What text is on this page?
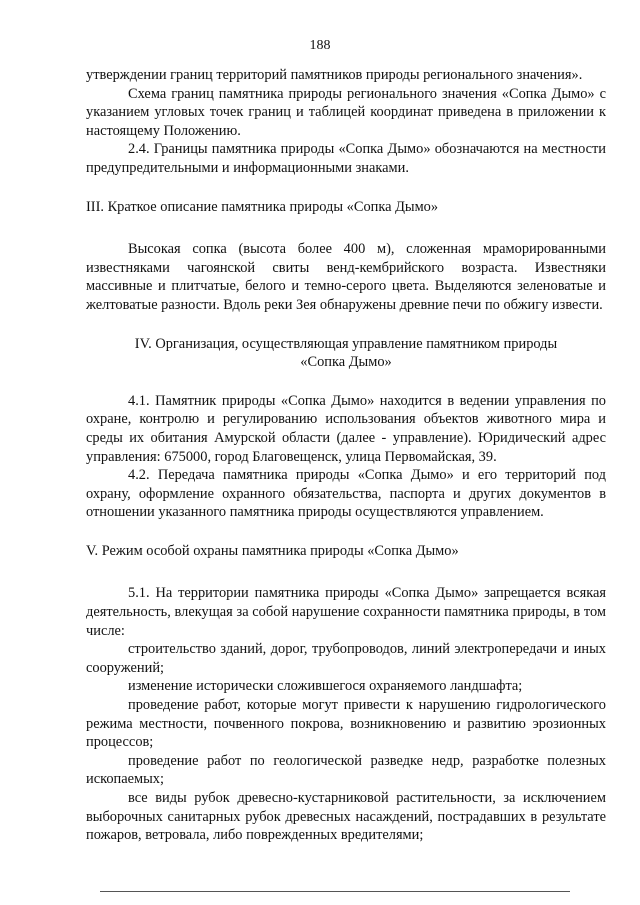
188

утверждении границ территорий памятников природы регионального значения».

Схема границ памятника природы регионального значения «Сопка Дымо» с указанием угловых точек границ и таблицей координат приведена в приложении к настоящему Положению.

2.4. Границы памятника природы «Сопка Дымо» обозначаются на местности предупредительными и информационными знаками.

III. Краткое описание памятника природы «Сопка Дымо»

Высокая сопка (высота более 400 м), сложенная мраморированными известняками чагоянской свиты венд-кембрийского возраста. Известняки массивные и плитчатые, белого и темно-серого цвета. Выделяются зеленоватые и желтоватые разности. Вдоль реки Зея обнаружены древние печи по обжигу извести.

IV. Организация, осуществляющая управление памятником природы
«Сопка Дымо»

4.1. Памятник природы «Сопка Дымо» находится в ведении управления по охране, контролю и регулированию использования объектов животного мира и среды их обитания Амурской области (далее - управление). Юридический адрес управления: 675000, город Благовещенск, улица Первомайская, 39.

4.2. Передача памятника природы «Сопка Дымо» и его территорий под охрану, оформление охранного обязательства, паспорта и других документов в отношении указанного памятника природы осуществляются управлением.

V. Режим особой охраны памятника природы «Сопка Дымо»

5.1. На территории памятника природы «Сопка Дымо» запрещается всякая деятельность, влекущая за собой нарушение сохранности памятника природы, в том числе:

строительство зданий, дорог, трубопроводов, линий электропередачи и иных сооружений;

изменение исторически сложившегося охраняемого ландшафта;

проведение работ, которые могут привести к нарушению гидрологического режима местности, почвенного покрова, возникновению и развитию эрозионных процессов;

проведение работ по геологической разведке недр, разработке полезных ископаемых;

все виды рубок древесно-кустарниковой растительности, за исключением выборочных санитарных рубок древесных насаждений, пострадавших в результате пожаров, ветровала, либо поврежденных вредителями;
